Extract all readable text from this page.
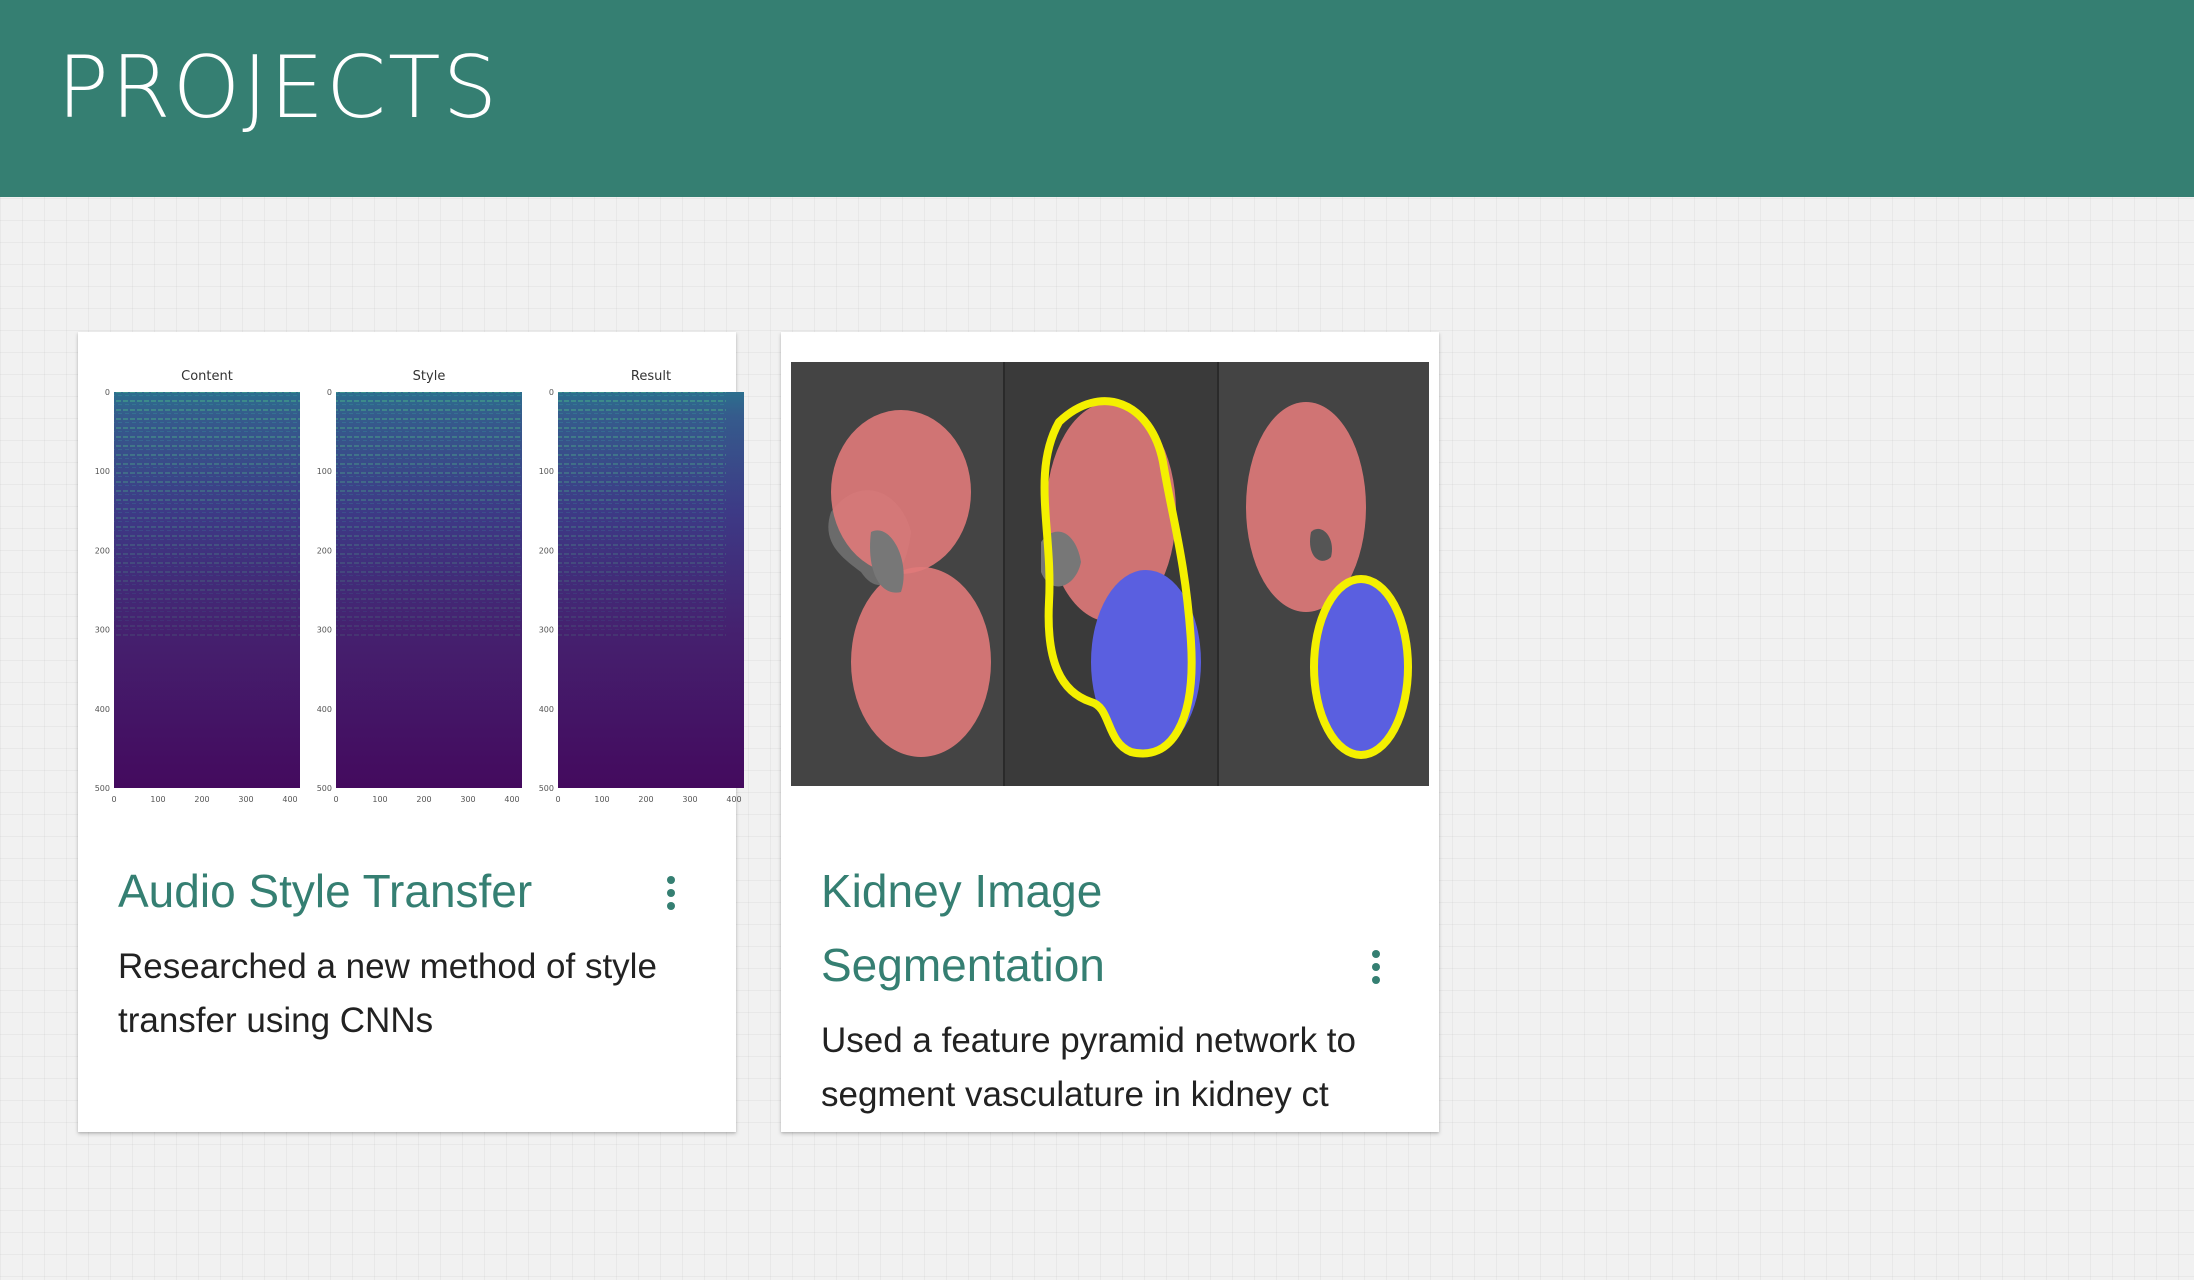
PROJECTS
Content
0
100
200
300
400
500
0	100	200	300	400
Style
0
100
200
300
400
500
0	100	200	300	400
Result
0
100
200
300
400
500
0	100	200	300	400
Audio Style Transfer
Researched a new method of style transfer using CNNs
Kidney Image Segmentation
Used a feature pyramid network to segment vasculature in kidney ct
